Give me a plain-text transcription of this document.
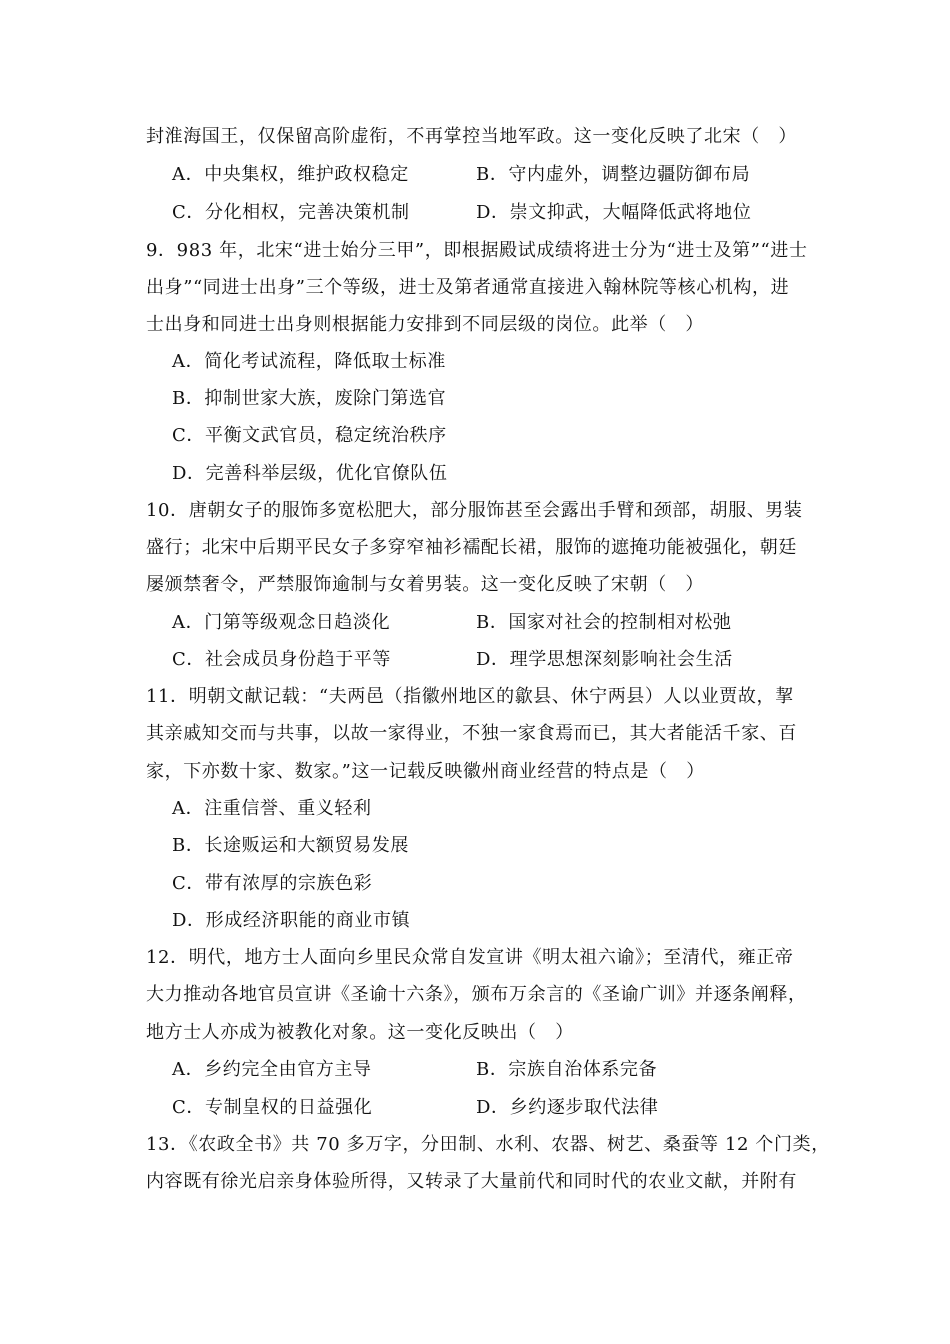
封淮海国王，仅保留高阶虚衔，不再掌控当地军政。这一变化反映了北宋（　）
A．中央集权，维护政权稳定	B．守内虚外，调整边疆防御布局
C．分化相权，完善决策机制	D．崇文抑武，大幅降低武将地位
9．983 年，北宋“进士始分三甲”，即根据殿试成绩将进士分为“进士及第”“进士
出身”“同进士出身”三个等级，进士及第者通常直接进入翰林院等核心机构，进
士出身和同进士出身则根据能力安排到不同层级的岗位。此举（　）
A．简化考试流程，降低取士标准
B．抑制世家大族，废除门第选官
C．平衡文武官员，稳定统治秩序
D．完善科举层级，优化官僚队伍
10．唐朝女子的服饰多宽松肥大，部分服饰甚至会露出手臂和颈部，胡服、男装
盛行；北宋中后期平民女子多穿窄袖衫襦配长裙，服饰的遮掩功能被强化，朝廷
屡颁禁奢令，严禁服饰逾制与女着男装。这一变化反映了宋朝（　）
A．门第等级观念日趋淡化	B．国家对社会的控制相对松弛
C．社会成员身份趋于平等	D．理学思想深刻影响社会生活
11．明朝文献记载：“夫两邑（指徽州地区的歙县、休宁两县）人以业贾故，挈
其亲戚知交而与共事，以故一家得业，不独一家食焉而已，其大者能活千家、百
家，下亦数十家、数家。”这一记载反映徽州商业经营的特点是（　）
A．注重信誉、重义轻利
B．长途贩运和大额贸易发展
C．带有浓厚的宗族色彩
D．形成经济职能的商业市镇
12．明代，地方士人面向乡里民众常自发宣讲《明太祖六谕》；至清代，雍正帝
大力推动各地官员宣讲《圣谕十六条》，颁布万余言的《圣谕广训》并逐条阐释，
地方士人亦成为被教化对象。这一变化反映出（　）
A．乡约完全由官方主导	B．宗族自治体系完备
C．专制皇权的日益强化	D．乡约逐步取代法律
13．《农政全书》共 70 多万字，分田制、水利、农器、树艺、桑蚕等 12 个门类，
内容既有徐光启亲身体验所得，又转录了大量前代和同时代的农业文献，并附有
